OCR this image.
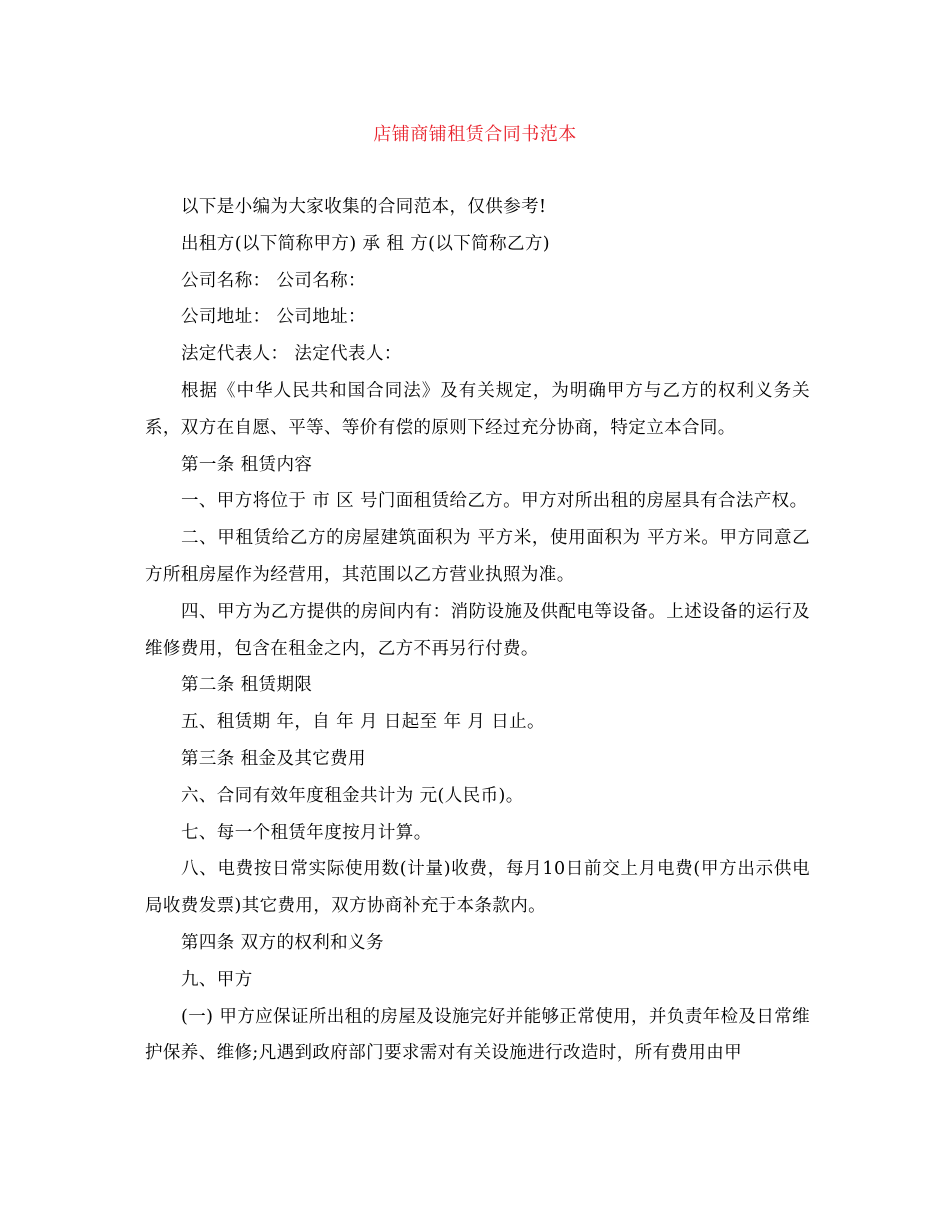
店铺商铺租赁合同书范本

以下是小编为大家收集的合同范本，仅供参考!

出租方(以下简称甲方) 承 租 方(以下简称乙方)

公司名称： 公司名称：

公司地址： 公司地址：

法定代表人： 法定代表人：

根据《中华人民共和国合同法》及有关规定，为明确甲方与乙方的权利义务关系，双方在自愿、平等、等价有偿的原则下经过充分协商，特定立本合同。

第一条 租赁内容

一、甲方将位于 市 区 号门面租赁给乙方。甲方对所出租的房屋具有合法产权。

二、甲租赁给乙方的房屋建筑面积为 平方米，使用面积为 平方米。甲方同意乙方所租房屋作为经营用，其范围以乙方营业执照为准。

四、甲方为乙方提供的房间内有：消防设施及供配电等设备。上述设备的运行及维修费用，包含在租金之内，乙方不再另行付费。

第二条 租赁期限

五、租赁期 年，自 年 月 日起至 年 月 日止。

第三条 租金及其它费用

六、合同有效年度租金共计为 元(人民币)。

七、每一个租赁年度按月计算。

八、电费按日常实际使用数(计量)收费，每月10日前交上月电费(甲方出示供电局收费发票)其它费用，双方协商补充于本条款内。

第四条 双方的权利和义务

九、甲方

(一) 甲方应保证所出租的房屋及设施完好并能够正常使用，并负责年检及日常维护保养、维修;凡遇到政府部门要求需对有关设施进行改造时，所有费用由甲
